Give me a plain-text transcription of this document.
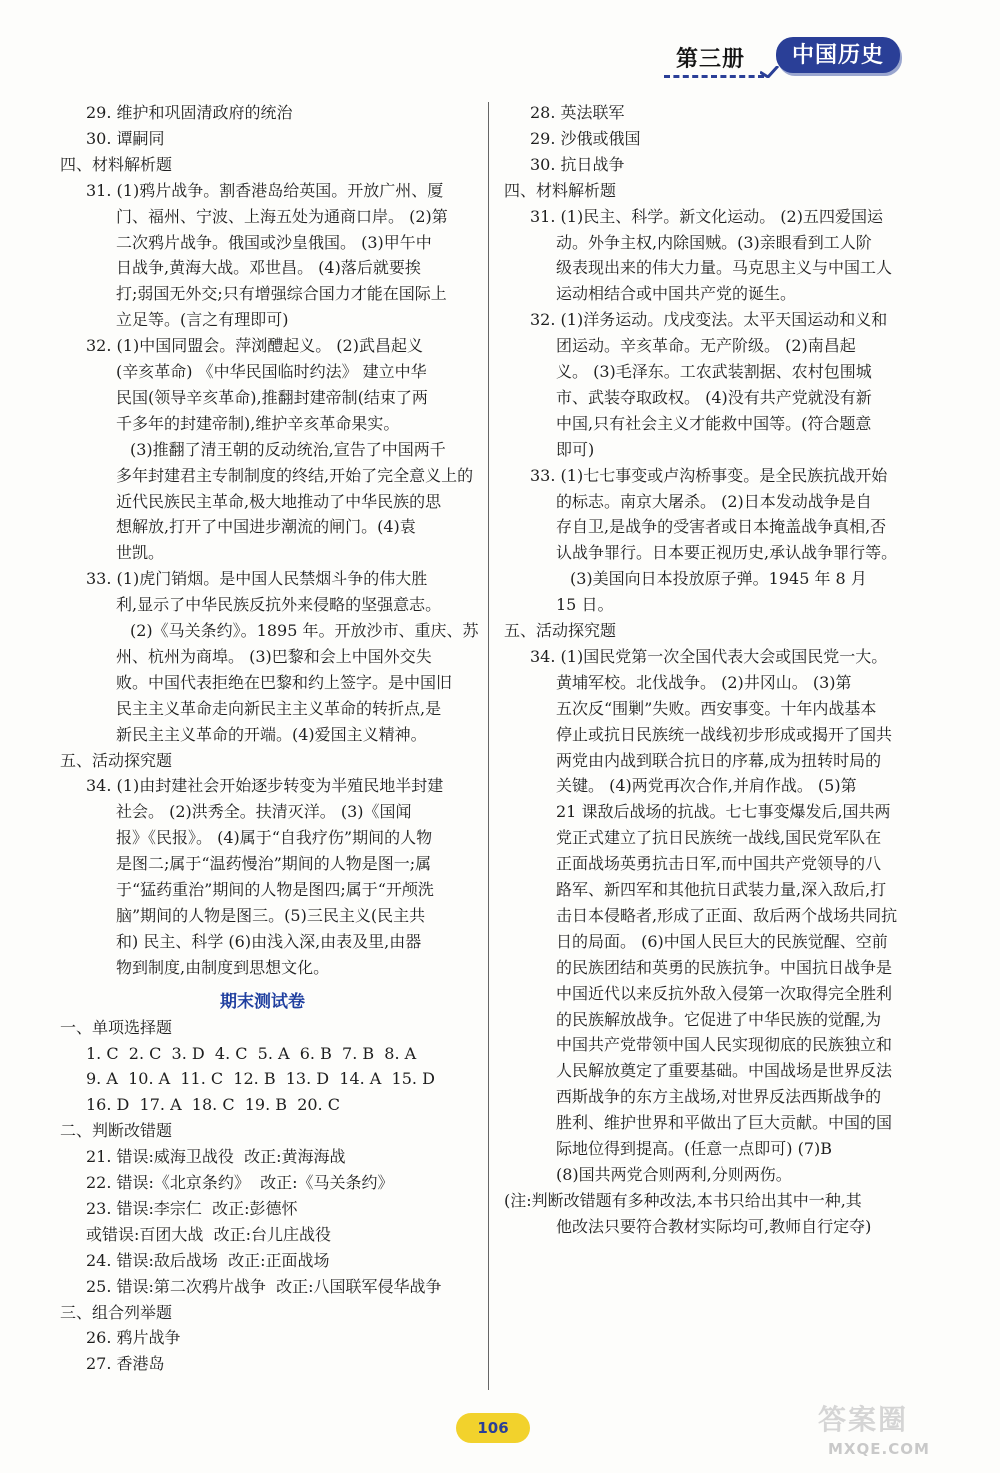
第三册	中国历史
29. 维护和巩固清政府的统治
30. 谭嗣同
四、材料解析题
31. (1)鸦片战争。割香港岛给英国。开放广州、厦
门、福州、宁波、上海五处为通商口岸。 (2)第
二次鸦片战争。俄国或沙皇俄国。 (3)甲午中
日战争,黄海大战。邓世昌。 (4)落后就要挨
打;弱国无外交;只有增强综合国力才能在国际上
立足等。(言之有理即可)
32. (1)中国同盟会。萍浏醴起义。 (2)武昌起义
(辛亥革命) 《中华民国临时约法》 建立中华
民国(领导辛亥革命),推翻封建帝制(结束了两
千多年的封建帝制),维护辛亥革命果实。
(3)推翻了清王朝的反动统治,宣告了中国两千
多年封建君主专制制度的终结,开始了完全意义上的
近代民族民主革命,极大地推动了中华民族的思
想解放,打开了中国进步潮流的闸门。(4)袁
世凯。
33. (1)虎门销烟。是中国人民禁烟斗争的伟大胜
利,显示了中华民族反抗外来侵略的坚强意志。
(2)《马关条约》。1895 年。开放沙市、重庆、苏
州、杭州为商埠。 (3)巴黎和会上中国外交失
败。中国代表拒绝在巴黎和约上签字。是中国旧
民主主义革命走向新民主主义革命的转折点,是
新民主主义革命的开端。(4)爱国主义精神。
五、活动探究题
34. (1)由封建社会开始逐步转变为半殖民地半封建
社会。 (2)洪秀全。扶清灭洋。 (3)《国闻
报》《民报》。 (4)属于“自我疗伤”期间的人物
是图二;属于“温药慢治”期间的人物是图一;属
于“猛药重治”期间的人物是图四;属于“开颅洗
脑”期间的人物是图三。(5)三民主义(民主共
和) 民主、科学 (6)由浅入深,由表及里,由器
物到制度,由制度到思想文化。
期末测试卷
一、单项选择题
1. C  2. C  3. D  4. C  5. A  6. B  7. B  8. A
9. A  10. A  11. C  12. B  13. D  14. A  15. D
16. D  17. A  18. C  19. B  20. C
二、判断改错题
21. 错误:威海卫战役  改正:黄海海战
22. 错误:《北京条约》  改正:《马关条约》
23. 错误:李宗仁  改正:彭德怀
或错误:百团大战  改正:台儿庄战役
24. 错误:敌后战场  改正:正面战场
25. 错误:第二次鸦片战争  改正:八国联军侵华战争
三、组合列举题
26. 鸦片战争
27. 香港岛
28. 英法联军
29. 沙俄或俄国
30. 抗日战争
四、材料解析题
31. (1)民主、科学。新文化运动。 (2)五四爱国运
动。外争主权,内除国贼。(3)亲眼看到工人阶
级表现出来的伟大力量。马克思主义与中国工人
运动相结合或中国共产党的诞生。
32. (1)洋务运动。戊戌变法。太平天国运动和义和
团运动。辛亥革命。无产阶级。 (2)南昌起
义。 (3)毛泽东。工农武装割据、农村包围城
市、武装夺取政权。 (4)没有共产党就没有新
中国,只有社会主义才能救中国等。(符合题意
即可)
33. (1)七七事变或卢沟桥事变。是全民族抗战开始
的标志。南京大屠杀。 (2)日本发动战争是自
存自卫,是战争的受害者或日本掩盖战争真相,否
认战争罪行。日本要正视历史,承认战争罪行等。
(3)美国向日本投放原子弹。1945 年 8 月
15 日。
五、活动探究题
34. (1)国民党第一次全国代表大会或国民党一大。
黄埔军校。北伐战争。 (2)井冈山。 (3)第
五次反“围剿”失败。西安事变。十年内战基本
停止或抗日民族统一战线初步形成或揭开了国共
两党由内战到联合抗日的序幕,成为扭转时局的
关键。 (4)两党再次合作,并肩作战。 (5)第
21 课敌后战场的抗战。七七事变爆发后,国共两
党正式建立了抗日民族统一战线,国民党军队在
正面战场英勇抗击日军,而中国共产党领导的八
路军、新四军和其他抗日武装力量,深入敌后,打
击日本侵略者,形成了正面、敌后两个战场共同抗
日的局面。 (6)中国人民巨大的民族觉醒、空前
的民族团结和英勇的民族抗争。中国抗日战争是
中国近代以来反抗外敌入侵第一次取得完全胜利
的民族解放战争。它促进了中华民族的觉醒,为
中国共产党带领中国人民实现彻底的民族独立和
人民解放奠定了重要基础。中国战场是世界反法
西斯战争的东方主战场,对世界反法西斯战争的
胜利、维护世界和平做出了巨大贡献。中国的国
际地位得到提高。(任意一点即可) (7)B
(8)国共两党合则两利,分则两伤。
(注:判断改错题有多种改法,本书只给出其中一种,其
他改法只要符合教材实际均可,教师自行定夺)
106	答案圈
MXQE.COM
